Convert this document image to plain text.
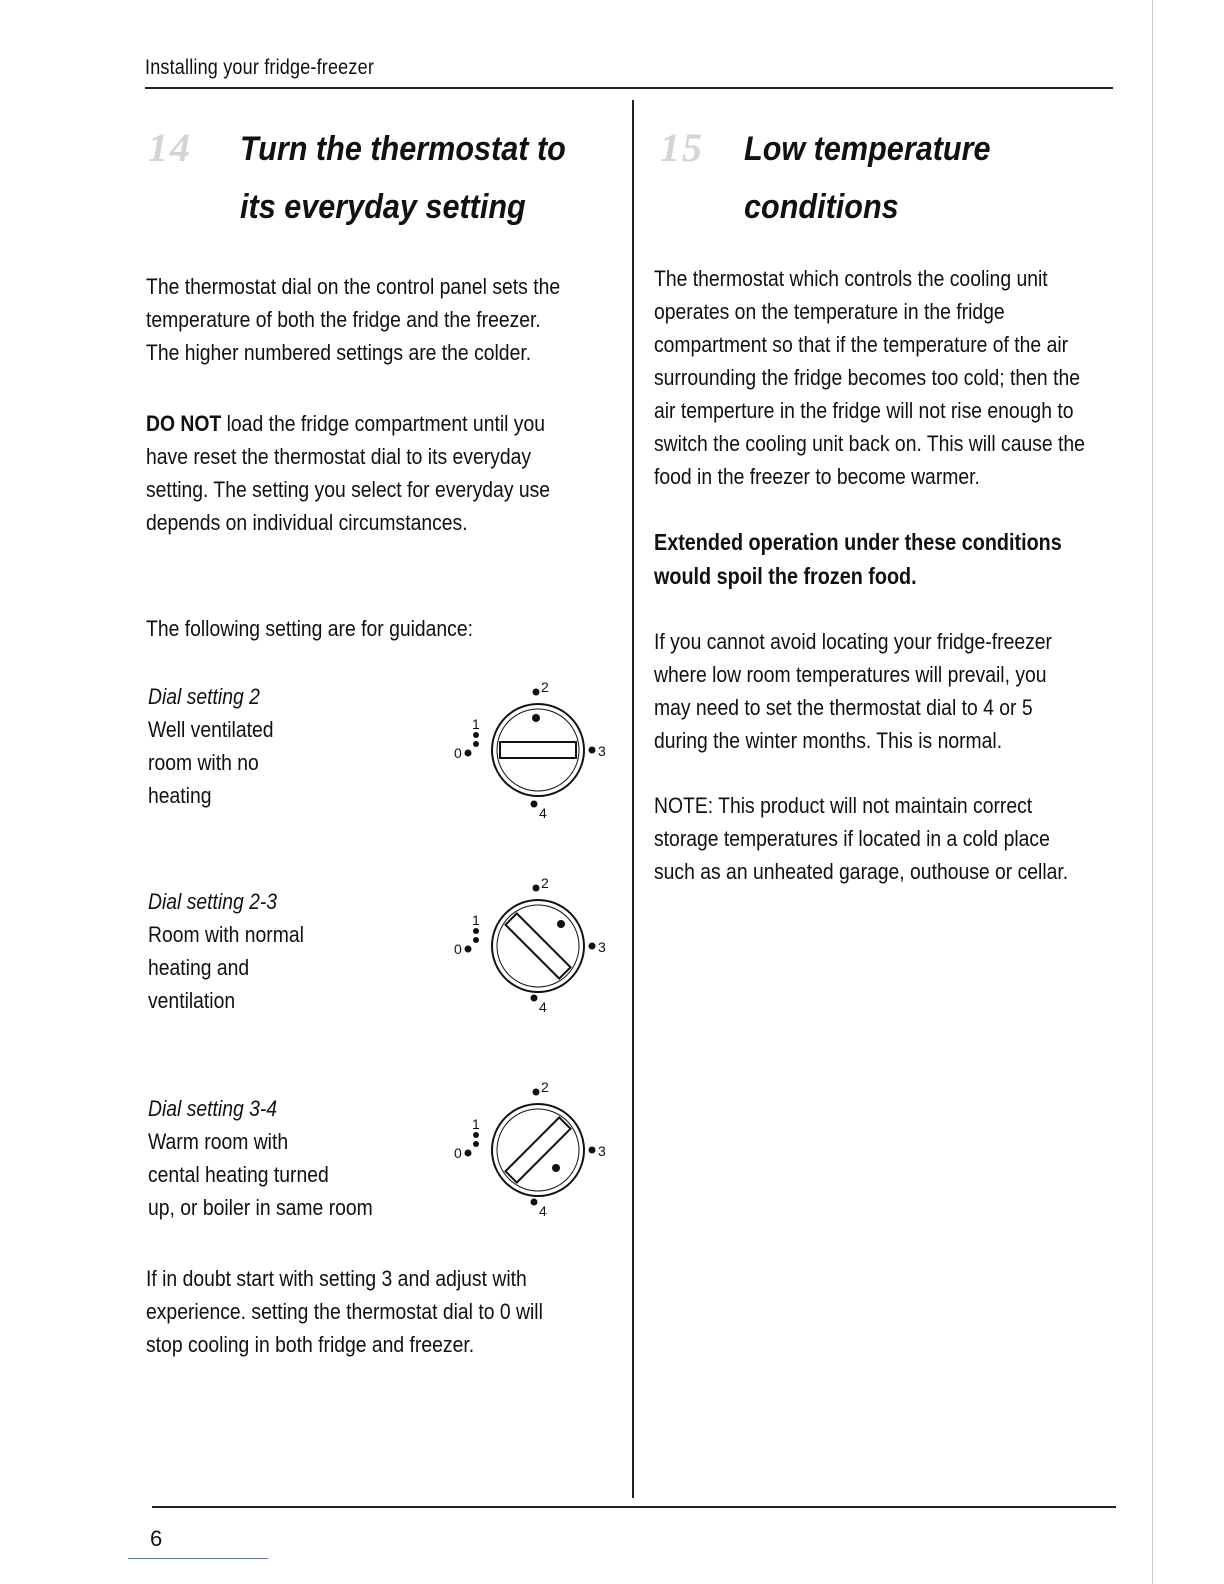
Installing your fridge-freezer
6
14 Turn the thermostat to
its everyday setting
The thermostat dial on the control panel sets the
temperature of both the fridge and the freezer.
The higher numbered settings are the colder.
DO NOT load the fridge compartment until you
have reset the thermostat dial to its everyday
setting. The setting you select for everyday use
depends on individual circumstances.
The following setting are for guidance:
Dial setting 2
Well ventilated
room with no
heating
2
1
0	3
4
Dial setting 2-3
Room with normal
heating and
ventilation
2
1
0	3
4
Dial setting 3-4
Warm room with
cental heating turned
up, or boiler in same room
2
1
0	3
4
If in doubt start with setting 3 and adjust with
experience. setting the thermostat dial to 0 will
stop cooling in both fridge and freezer.
15 Low temperature
conditions
The thermostat which controls the cooling unit
operates on the temperature in the fridge
compartment so that if the temperature of the air
surrounding the fridge becomes too cold; then the
air temperture in the fridge will not rise enough to
switch the cooling unit back on. This will cause the
food in the freezer to become warmer.
Extended operation under these conditions
would spoil the frozen food.
If you cannot avoid locating your fridge-freezer
where low room temperatures will prevail, you
may need to set the thermostat dial to 4 or 5
during the winter months. This is normal.
NOTE: This product will not maintain correct
storage temperatures if located in a cold place
such as an unheated garage, outhouse or cellar.
